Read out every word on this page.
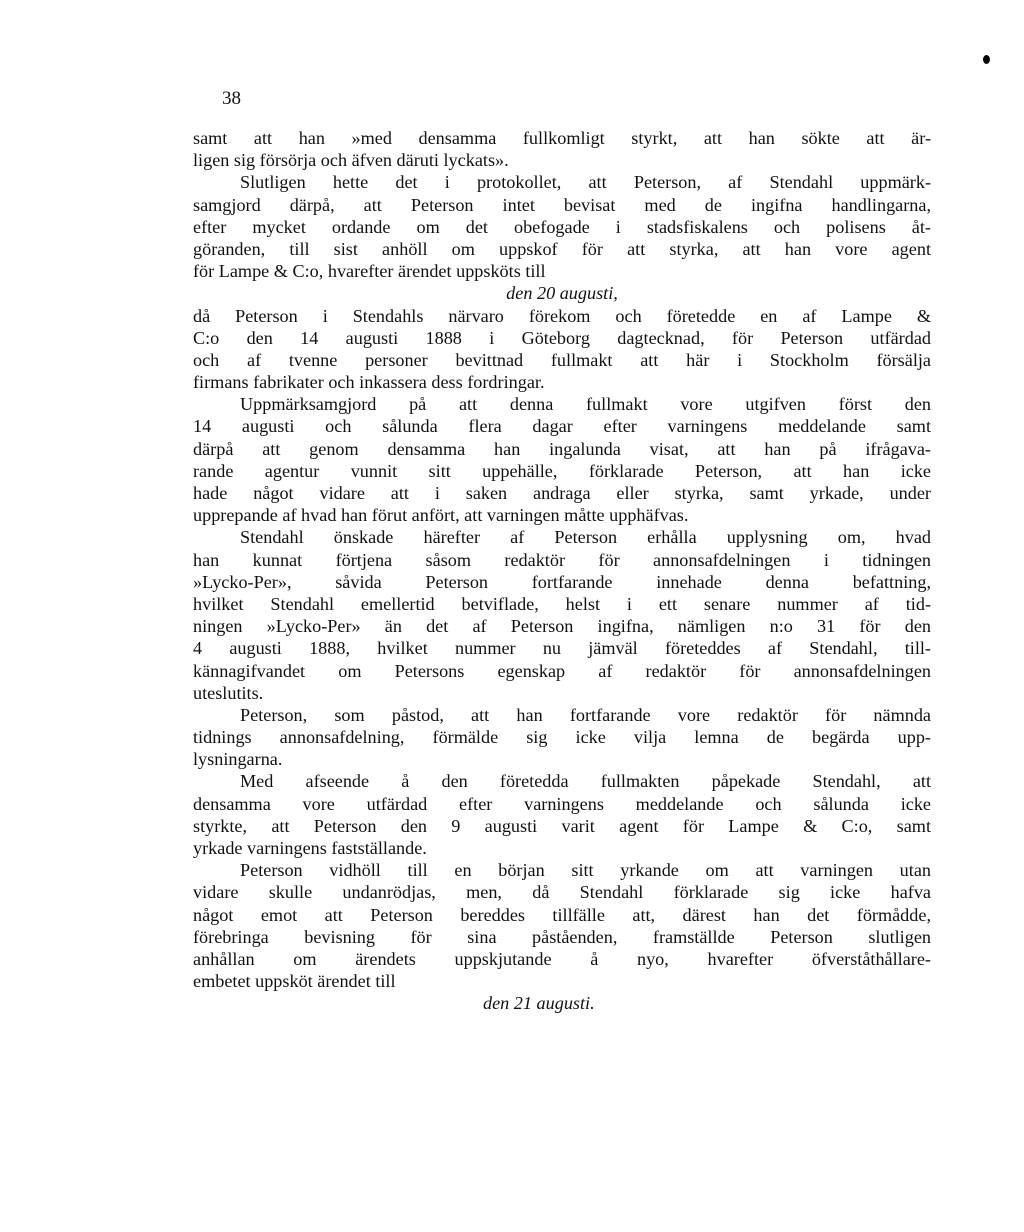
38
samt att han »med densamma fullkomligt styrkt, att han sökte att är-
ligen sig försörja och äfven däruti lyckats».
Slutligen hette det i protokollet, att Peterson, af Stendahl uppmärk-
samgjord därpå, att Peterson intet bevisat med de ingifna handlingarna,
efter mycket ordande om det obefogade i stadsfiskalens och polisens åt-
göranden, till sist anhöll om uppskof för att styrka, att han vore agent
för Lampe & C:o, hvarefter ärendet uppsköts till
den 20 augusti,
då Peterson i Stendahls närvaro förekom och företedde en af Lampe &
C:o den 14 augusti 1888 i Göteborg dagtecknad, för Peterson utfärdad
och af tvenne personer bevittnad fullmakt att här i Stockholm försälja
firmans fabrikater och inkassera dess fordringar.
Uppmärksamgjord på att denna fullmakt vore utgifven först den
14 augusti och sålunda flera dagar efter varningens meddelande samt
därpå att genom densamma han ingalunda visat, att han på ifrågava-
rande agentur vunnit sitt uppehälle, förklarade Peterson, att han icke
hade något vidare att i saken andraga eller styrka, samt yrkade, under
upprepande af hvad han förut anfört, att varningen måtte upphäfvas.
Stendahl önskade härefter af Peterson erhålla upplysning om, hvad
han kunnat förtjena såsom redaktör för annonsafdelningen i tidningen
»Lycko-Per», såvida Peterson fortfarande innehade denna befattning,
hvilket Stendahl emellertid betviflade, helst i ett senare nummer af tid-
ningen »Lycko-Per» än det af Peterson ingifna, nämligen n:o 31 för den
4 augusti 1888, hvilket nummer nu jämväl företeddes af Stendahl, till-
kännagifvandet om Petersons egenskap af redaktör för annonsafdelningen
uteslutits.
Peterson, som påstod, att han fortfarande vore redaktör för nämnda
tidnings annonsafdelning, förmälde sig icke vilja lemna de begärda upp-
lysningarna.
Med afseende å den företedda fullmakten påpekade Stendahl, att
densamma vore utfärdad efter varningens meddelande och sålunda icke
styrkte, att Peterson den 9 augusti varit agent för Lampe & C:o, samt
yrkade varningens fastställande.
Peterson vidhöll till en början sitt yrkande om att varningen utan
vidare skulle undanrödjas, men, då Stendahl förklarade sig icke hafva
något emot att Peterson bereddes tillfälle att, därest han det förmådde,
förebringa bevisning för sina påståenden, framställde Peterson slutligen
anhållan om ärendets uppskjutande å nyo, hvarefter öfverståthållare-
embetet uppsköt ärendet till
den 21 augusti.
